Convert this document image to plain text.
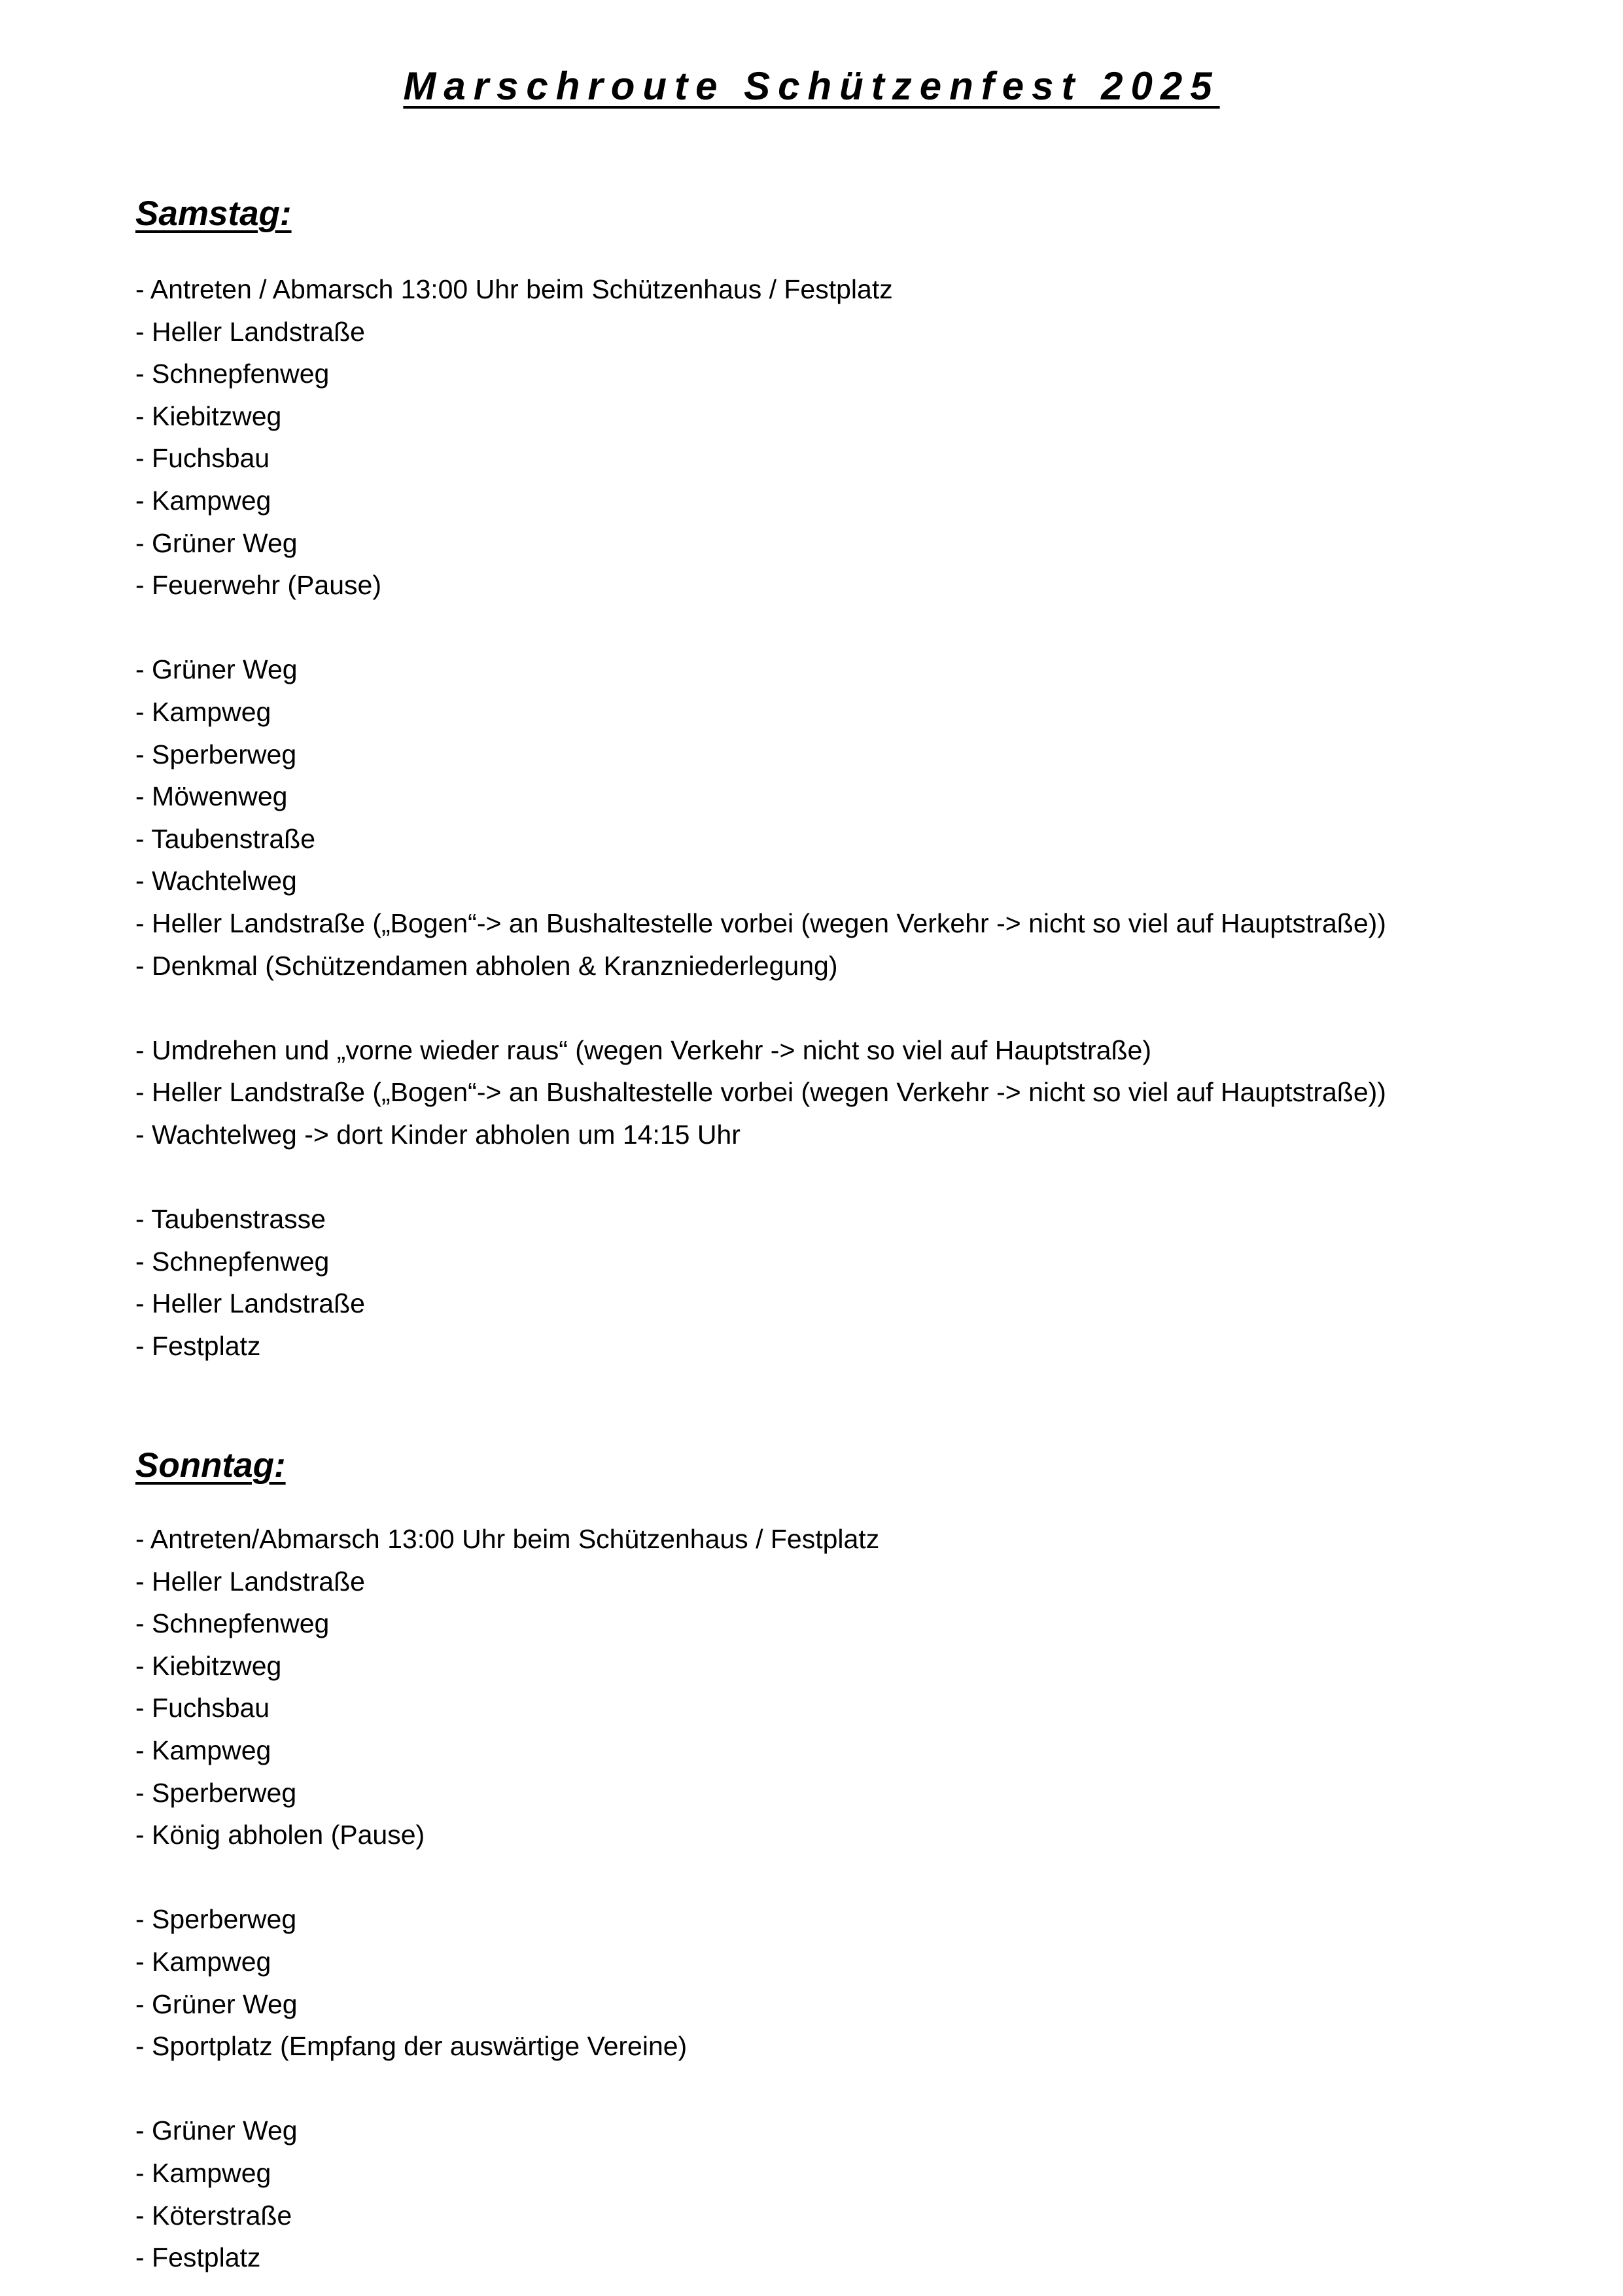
Marschroute Schützenfest 2025
Samstag:
- Antreten / Abmarsch 13:00 Uhr beim Schützenhaus / Festplatz
- Heller Landstraße
- Schnepfenweg
- Kiebitzweg
- Fuchsbau
- Kampweg
- Grüner Weg
- Feuerwehr (Pause)
- Grüner Weg
- Kampweg
- Sperberweg
- Möwenweg
- Taubenstraße
- Wachtelweg
- Heller Landstraße („Bogen“-> an Bushaltestelle vorbei (wegen Verkehr -> nicht so viel auf Hauptstraße))
- Denkmal (Schützendamen abholen & Kranzniederlegung)
- Umdrehen und „vorne wieder raus“ (wegen Verkehr -> nicht so viel auf Hauptstraße)
- Heller Landstraße („Bogen“-> an Bushaltestelle vorbei (wegen Verkehr -> nicht so viel auf Hauptstraße))
- Wachtelweg -> dort Kinder abholen um 14:15 Uhr
- Taubenstrasse
- Schnepfenweg
- Heller Landstraße
- Festplatz
Sonntag:
- Antreten/Abmarsch 13:00 Uhr beim Schützenhaus / Festplatz
- Heller Landstraße
- Schnepfenweg
- Kiebitzweg
- Fuchsbau
- Kampweg
- Sperberweg
- König abholen (Pause)
- Sperberweg
- Kampweg
- Grüner Weg
- Sportplatz (Empfang der auswärtige Vereine)
- Grüner Weg
- Kampweg
- Köterstraße
- Festplatz
